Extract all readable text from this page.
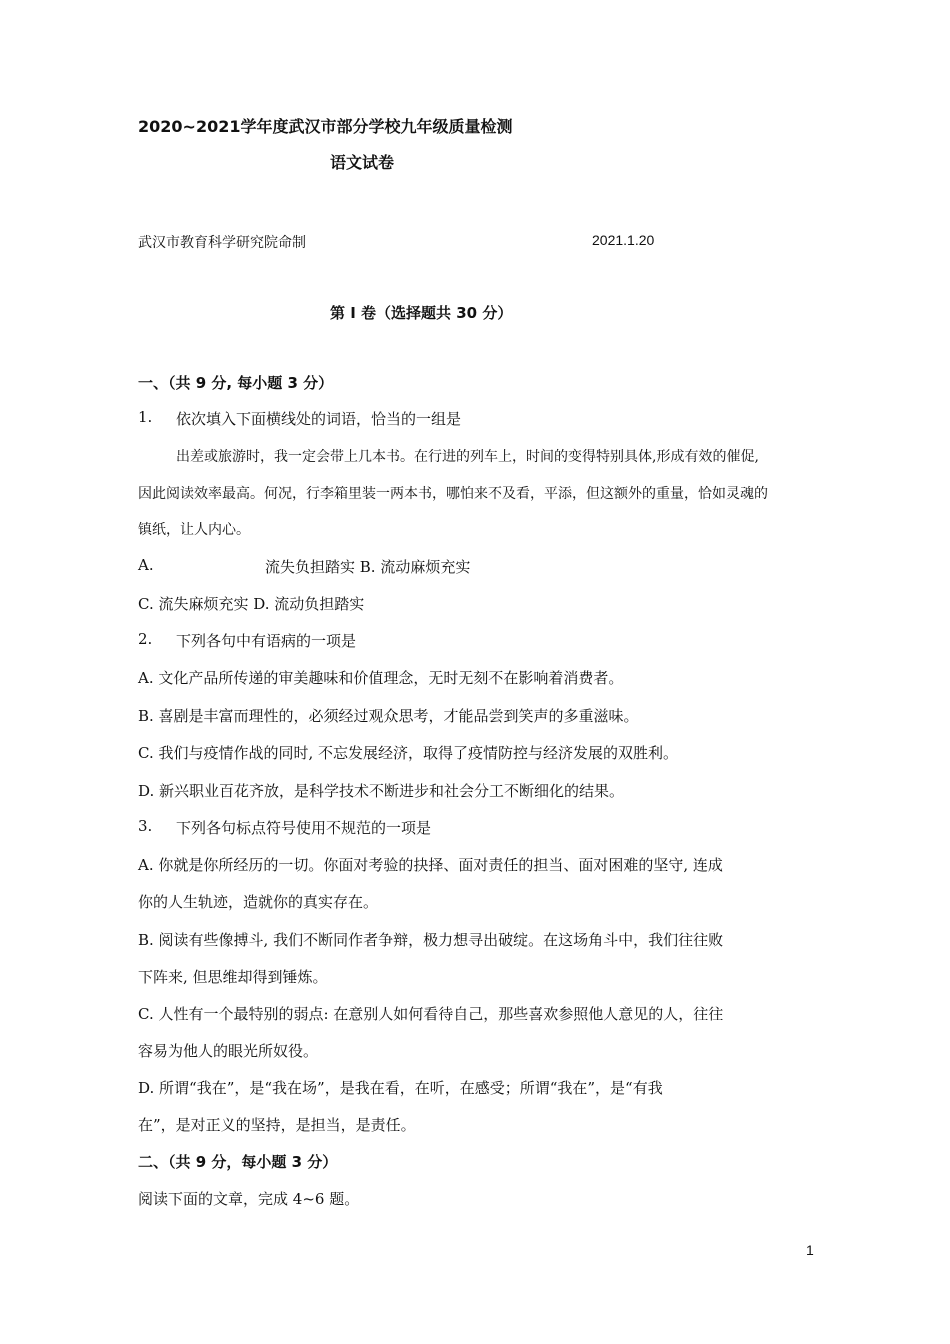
2020~2021学年度武汉市部分学校九年级质量检测
语文试卷
武汉市教育科学研究院命制	2021.1.20
第 I 卷（选择题共 30 分）
一、（共 9 分, 每小题 3 分）
1. 依次填入下面横线处的词语，恰当的一组是
出差或旅游时，我一定会带上几本书。在行进的列车上，时间的变得特别具体,形成有效的催促,
因此阅读效率最高。何况，行李箱里装一两本书，哪怕来不及看，平添，但这额外的重量，恰如灵魂的
镇纸，让人内心。
A.	流失负担踏实 B. 流动麻烦充实
C. 流失麻烦充实 D. 流动负担踏实
2. 下列各句中有语病的一项是
A. 文化产品所传递的审美趣味和价值理念，无时无刻不在影响着消费者。
B. 喜剧是丰富而理性的，必须经过观众思考，才能品尝到笑声的多重滋味。
C. 我们与疫情作战的同时, 不忘发展经济，取得了疫情防控与经济发展的双胜利。
D. 新兴职业百花齐放，是科学技术不断进步和社会分工不断细化的结果。
3. 下列各句标点符号使用不规范的一项是
A. 你就是你所经历的一切。你面对考验的抉择、面对责任的担当、面对困难的坚守, 连成
你的人生轨迹，造就你的真实存在。
B. 阅读有些像搏斗, 我们不断同作者争辩，极力想寻出破绽。在这场角斗中，我们往往败
下阵来, 但思维却得到锤炼。
C. 人性有一个最特别的弱点: 在意别人如何看待自己，那些喜欢参照他人意见的人，往往
容易为他人的眼光所奴役。
D. 所谓“我在”，是“我在场”，是我在看，在听，在感受；所谓“我在”，是“有我
在”，是对正义的坚持，是担当，是责任。
二、（共 9 分，每小题 3 分）
阅读下面的文章，完成 4~6 题。
1
